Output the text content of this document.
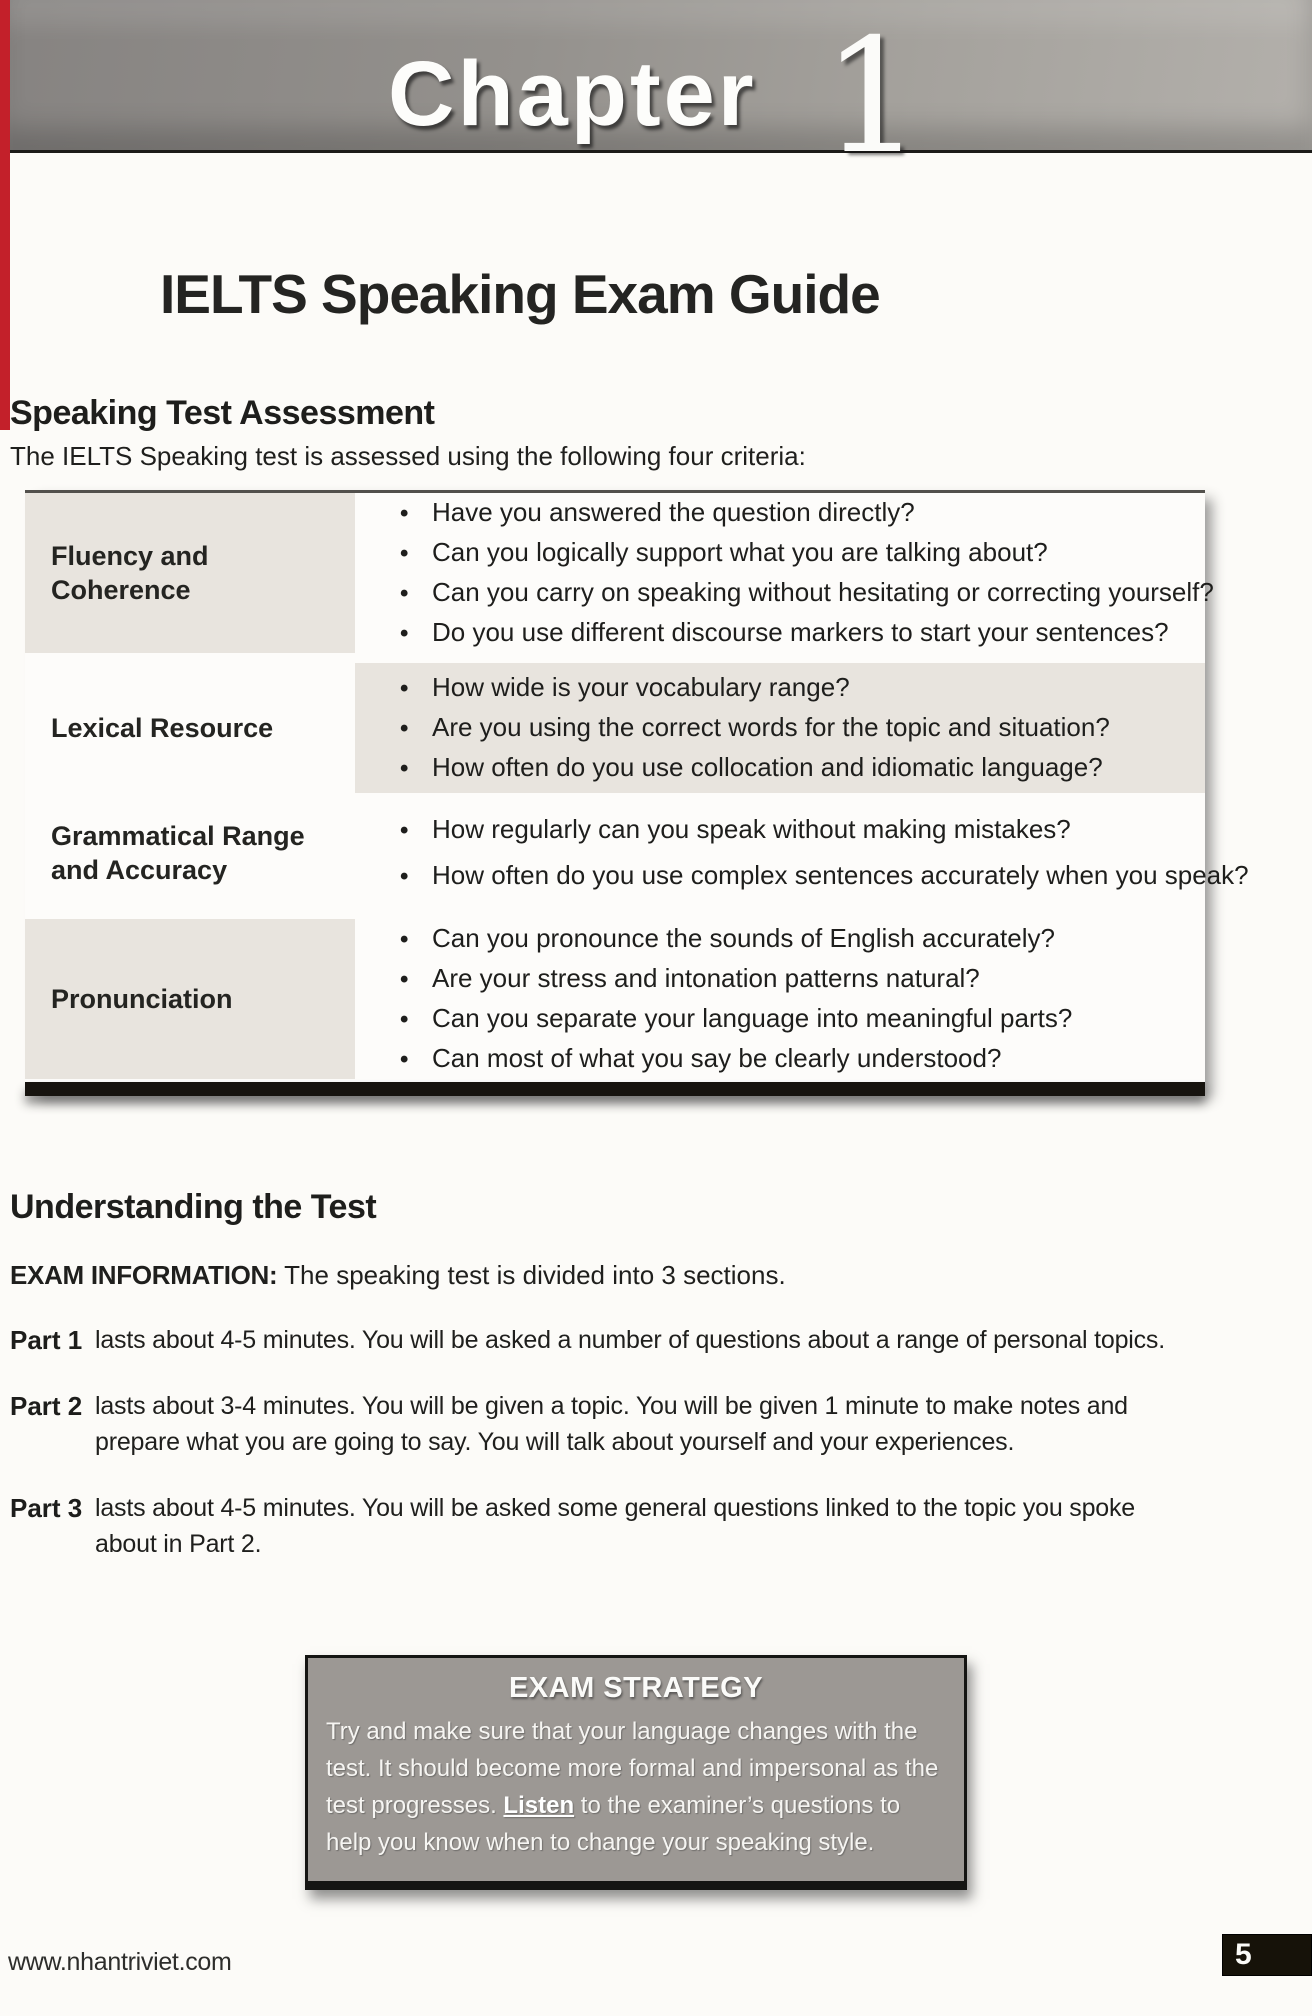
Chapter 1
IELTS Speaking Exam Guide
Speaking Test Assessment

The IELTS Speaking test is assessed using the following four criteria:

Fluency and Coherence
• Have you answered the question directly?
• Can you logically support what you are talking about?
• Can you carry on speaking without hesitating or correcting yourself?
• Do you use different discourse markers to start your sentences?
Lexical Resource
• How wide is your vocabulary range?
• Are you using the correct words for the topic and situation?
• How often do you use collocation and idiomatic language?
Grammatical Range and Accuracy
• How regularly can you speak without making mistakes?
• How often do you use complex sentences accurately when you speak?
Pronunciation
• Can you pronounce the sounds of English accurately?
• Are your stress and intonation patterns natural?
• Can you separate your language into meaningful parts?
• Can most of what you say be clearly understood?
Understanding the Test

EXAM INFORMATION: The speaking test is divided into 3 sections.

Part 1 lasts about 4-5 minutes. You will be asked a number of questions about a range of personal topics.
Part 2 lasts about 3-4 minutes. You will be given a topic. You will be given 1 minute to make notes and prepare what you are going to say. You will talk about yourself and your experiences.
Part 3 lasts about 4-5 minutes. You will be asked some general questions linked to the topic you spoke about in Part 2.
EXAM STRATEGY

Try and make sure that your language changes with the test. It should become more formal and impersonal as the test progresses. Listen to the examiner’s questions to help you know when to change your speaking style.

www.nhantriviet.com	5
